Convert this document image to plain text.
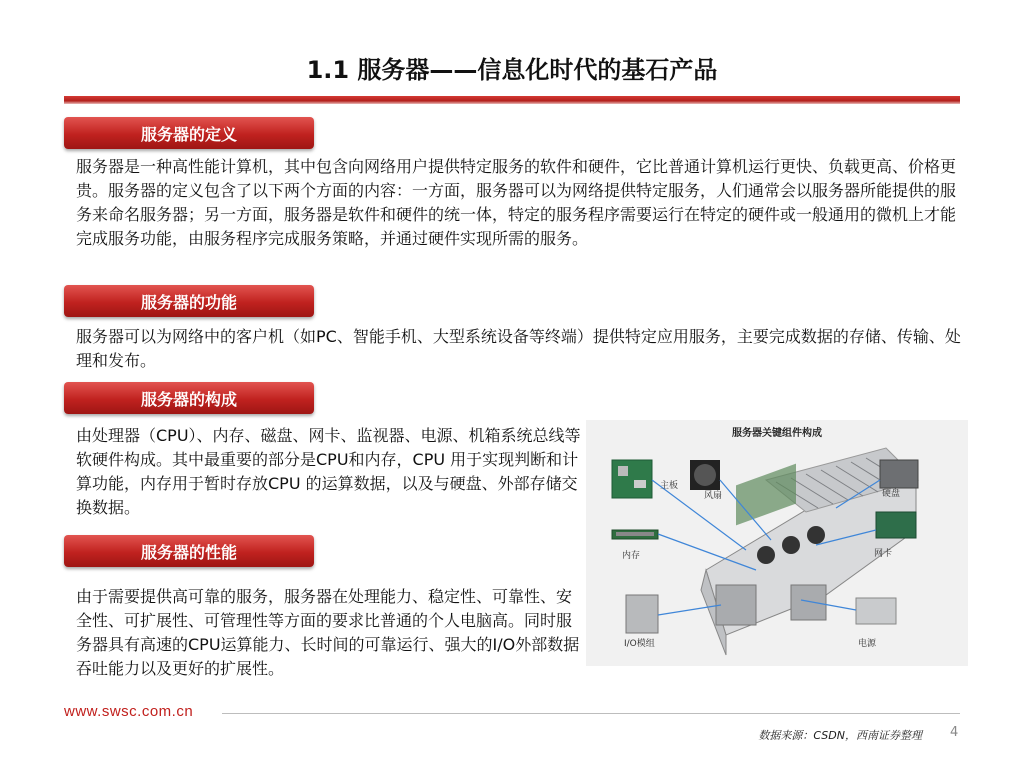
1.1 服务器——信息化时代的基石产品
服务器的定义
服务器是一种高性能计算机，其中包含向网络用户提供特定服务的软件和硬件，它比普通计算机运行更快、负载更高、价格更贵。服务器的定义包含了以下两个方面的内容：一方面，服务器可以为网络提供特定服务，人们通常会以服务器所能提供的服务来命名服务器；另一方面，服务器是软件和硬件的统一体，特定的服务程序需要运行在特定的硬件或一般通用的微机上才能完成服务功能，由服务程序完成服务策略，并通过硬件实现所需的服务。
服务器的功能
服务器可以为网络中的客户机（如PC、智能手机、大型系统设备等终端）提供特定应用服务，主要完成数据的存储、传输、处理和发布。
服务器的构成
由处理器（CPU）、内存、磁盘、网卡、监视器、电源、机箱系统总线等软硬件构成。其中最重要的部分是CPU和内存，CPU 用于实现判断和计算功能，内存用于暂时存放CPU 的运算数据，以及与硬盘、外部存储交换数据。
服务器的性能
由于需要提供高可靠的服务，服务器在处理能力、稳定性、可靠性、安全性、可扩展性、可管理性等方面的要求比普通的个人电脑高。同时服务器具有高速的CPU运算能力、长时间的可靠运行、强大的I/O外部数据吞吐能力以及更好的扩展性。
服务器关键组件构成
主板
风扇	硬盘
内存	网卡
I/O模组	电源
www.swsc.com.cn
数据来源：CSDN，西南证券整理 4
